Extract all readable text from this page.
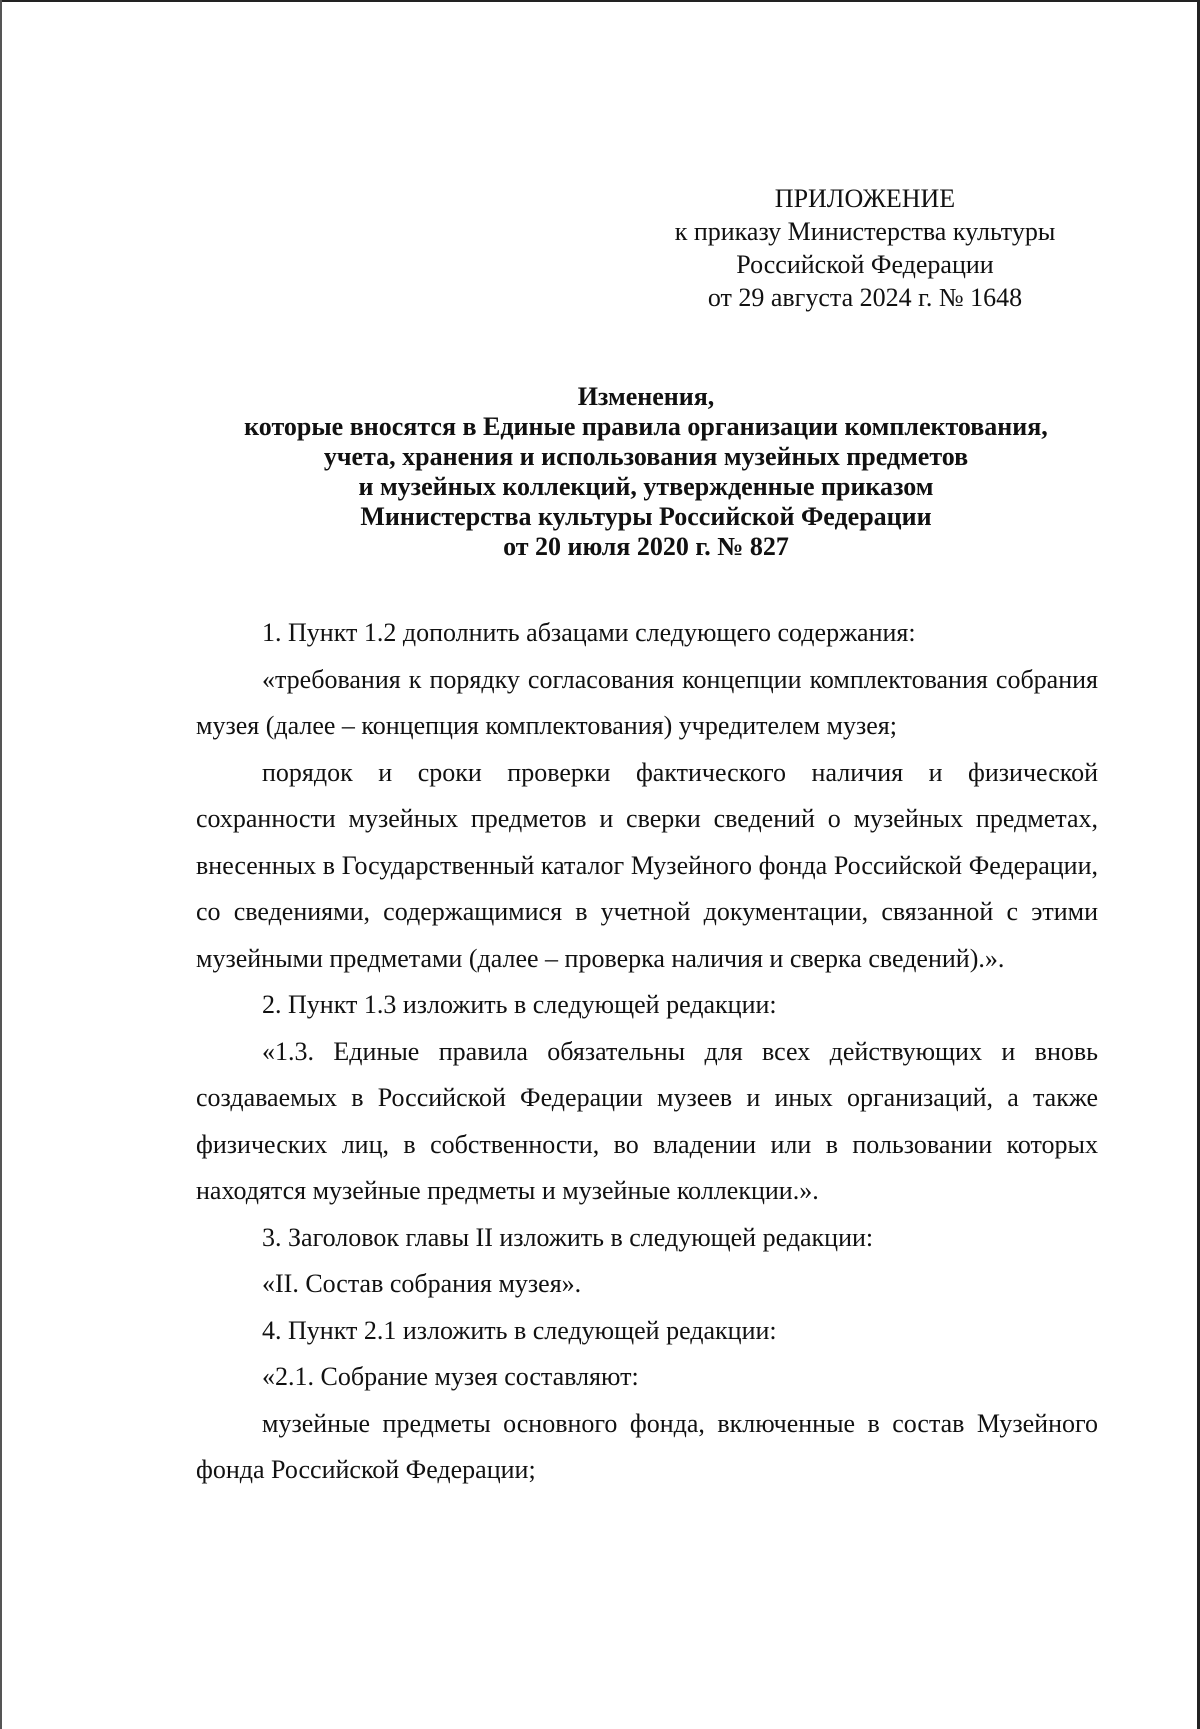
ПРИЛОЖЕНИЕ
к приказу Министерства культуры
Российской Федерации
от 29 августа 2024 г. № 1648
Изменения,
которые вносятся в Единые правила организации комплектования,
учета, хранения и использования музейных предметов
и музейных коллекций, утвержденные приказом
Министерства культуры Российской Федерации
от 20 июля 2020 г. № 827

1. Пункт 1.2 дополнить абзацами следующего содержания:

«требования к порядку согласования концепции комплектования собрания музея (далее – концепция комплектования) учредителем музея;

порядок и сроки проверки фактического наличия и физической сохранности музейных предметов и сверки сведений о музейных предметах, внесенных в Государственный каталог Музейного фонда Российской Федерации, со сведениями, содержащимися в учетной документации, связанной с этими музейными предметами (далее – проверка наличия и сверка сведений).».

2. Пункт 1.3 изложить в следующей редакции:

«1.3. Единые правила обязательны для всех действующих и вновь создаваемых в Российской Федерации музеев и иных организаций, а также физических лиц, в собственности, во владении или в пользовании которых находятся музейные предметы и музейные коллекции.».

3. Заголовок главы II изложить в следующей редакции:

«II. Состав собрания музея».

4. Пункт 2.1 изложить в следующей редакции:

«2.1. Собрание музея составляют:

музейные предметы основного фонда, включенные в состав Музейного фонда Российской Федерации;
